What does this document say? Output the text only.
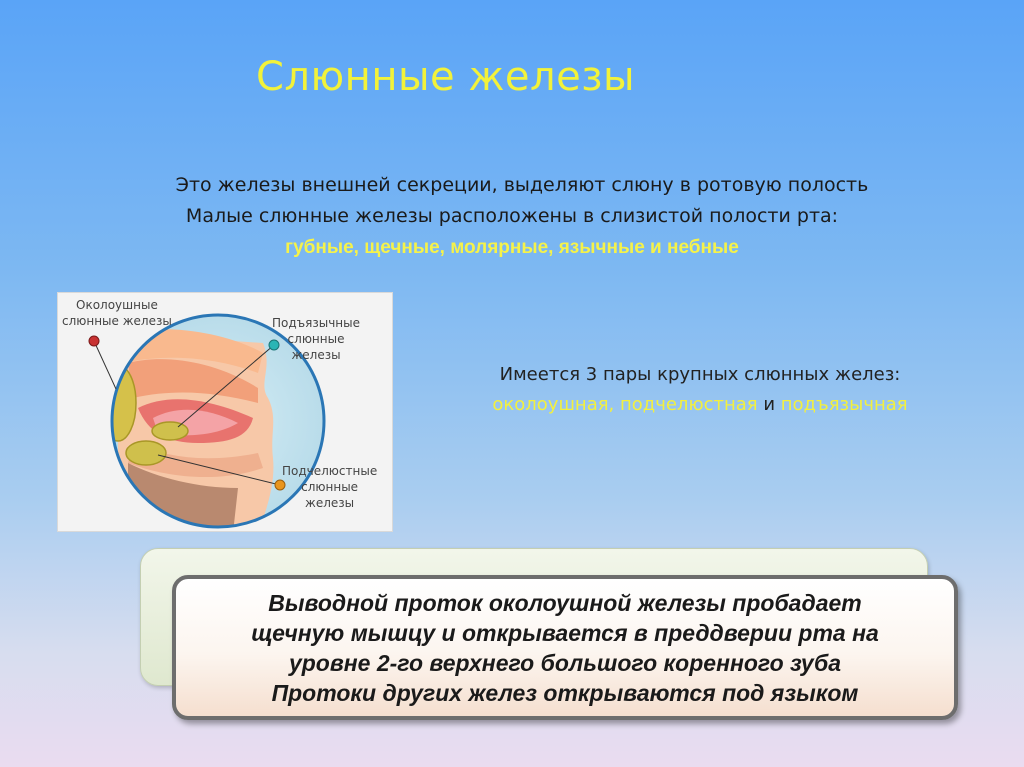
Слюнные железы
Это железы внешней секреции, выделяют слюну в ротовую полость
Малые слюнные железы расположены в слизистой полости рта:
губные, щечные, молярные, язычные и небные
Околоушные
слюнные железы	Подъязычные
слюнные
железы
Подчелюстные
слюнные
железы
Имеется 3 пары крупных слюнных желез:
околоушная, подчелюстная и подъязычная
Выводной проток околоушной железы пробадает
щечную мышцу и открывается в преддверии рта на
уровне 2-го верхнего большого коренного зуба
Протоки других желез открываются под языком
